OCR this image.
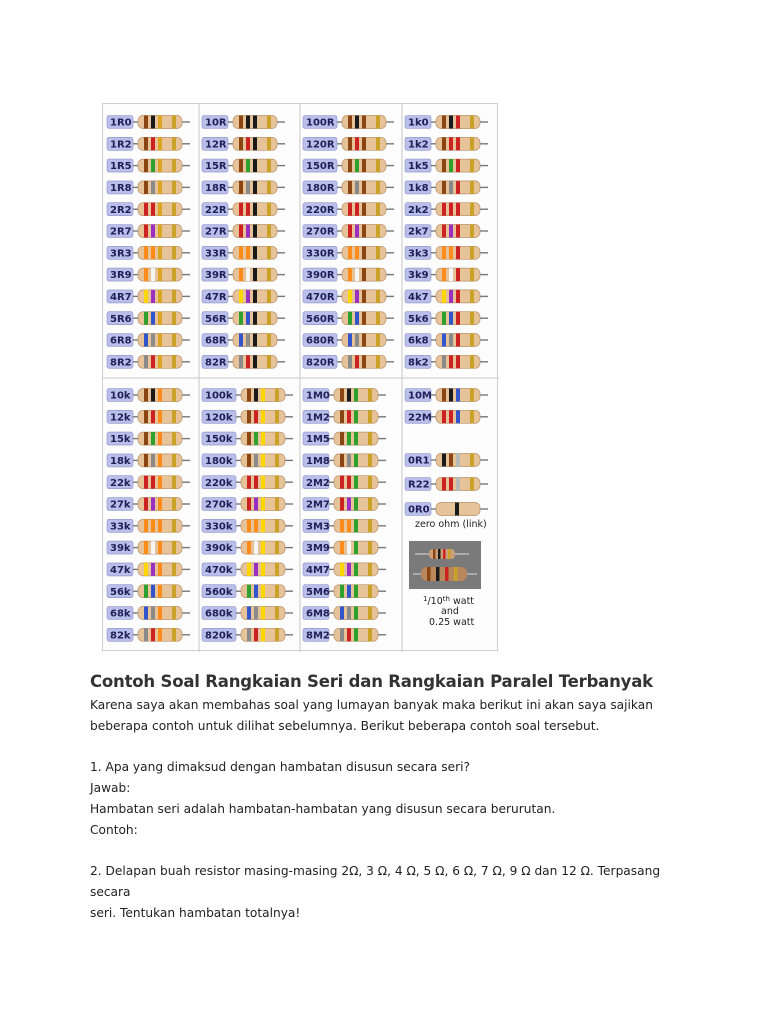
1R0
1R2
1R5
1R8
2R2
2R7
3R3
3R9
4R7
5R6
6R8
8R2
10R
12R
15R
18R
22R
27R
33R
39R
47R
56R
68R
82R
100R
120R
150R
180R
220R
270R
330R
390R
470R
560R
680R
820R
1k0
1k2
1k5
1k8
2k2
2k7
3k3
3k9
4k7
5k6
6k8
8k2
10k
12k
15k
18k
22k
27k
33k
39k
47k
56k
68k
82k
100k
120k
150k
180k
220k
270k
330k
390k
470k
560k
680k
820k
1M0
1M2
1M5
1M8
2M2
2M7
3M3
3M9
4M7
5M6
6M8
8M2
10M
22M
0R1
R22
0R0
zero ohm (link)
$^1$/10th watt
and
0.25 watt
Contoh Soal Rangkaian Seri dan Rangkaian Paralel Terbanyak

Karena saya akan membahas soal yang lumayan banyak maka berikut ini akan saya sajikan

beberapa contoh untuk dilihat sebelumnya. Berikut beberapa contoh soal tersebut.

1. Apa yang dimaksud dengan hambatan disusun secara seri?

Jawab:

Hambatan seri adalah hambatan-hambatan yang disusun secara berurutan.

Contoh:

2. Delapan buah resistor masing-masing 2Ω, 3 Ω, 4 Ω, 5 Ω, 6 Ω, 7 Ω, 9 Ω dan 12 Ω. Terpasang secara

seri. Tentukan hambatan totalnya!
